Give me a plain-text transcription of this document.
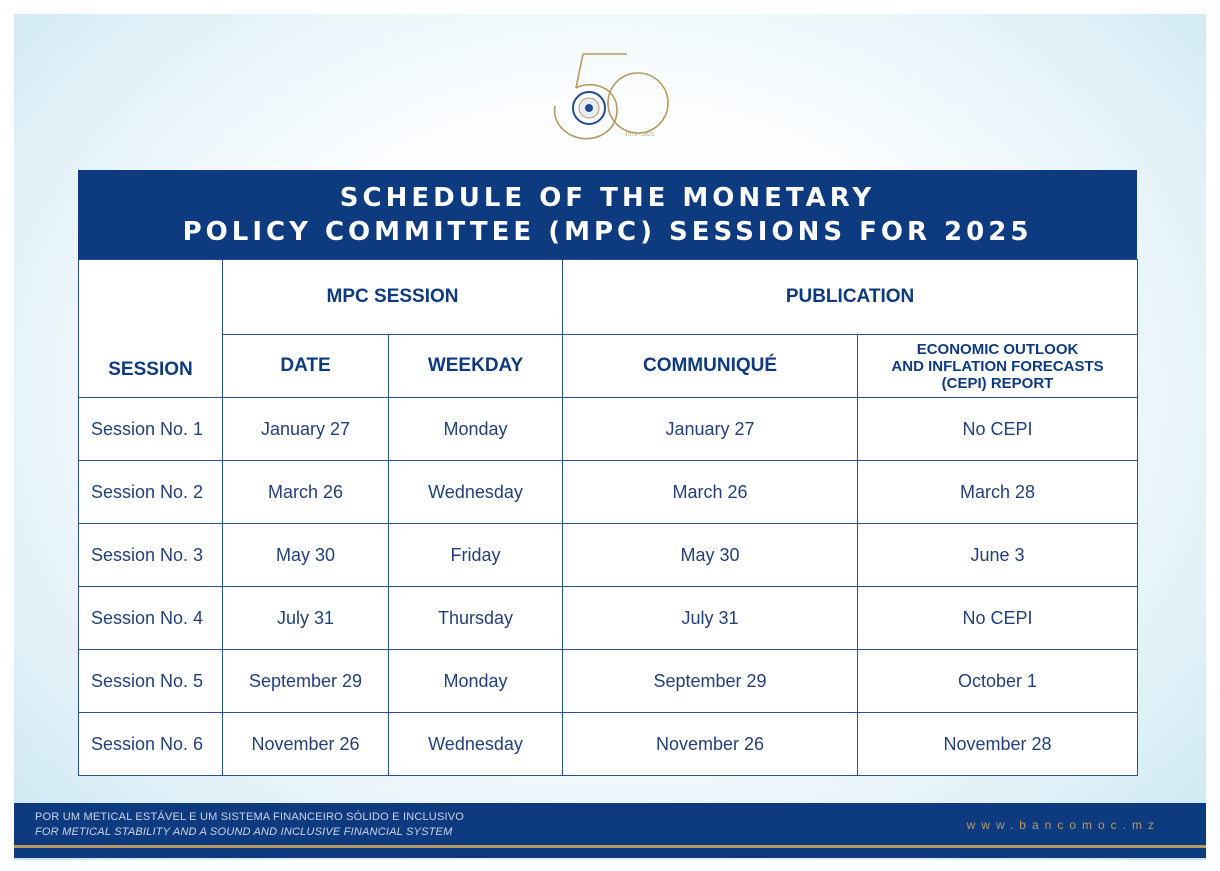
1975 - 2025
SCHEDULE OF THE MONETARY
POLICY COMMITTEE (MPC) SESSIONS FOR 2025
SESSION	MPC SESSION		PUBLICATION	
	DATE	WEEKDAY	COMMUNIQUÉ	ECONOMIC OUTLOOK
AND INFLATION FORECASTS
(CEPI) REPORT

Session No. 1	January 27	Monday	January 27	No CEPI
Session No. 2	March 26	Wednesday	March 26	March 28
Session No. 3	May 30	Friday	May 30	June 3
Session No. 4	July 31	Thursday	July 31	No CEPI
Session No. 5	September 29	Monday	September 29	October 1
Session No. 6	November 26	Wednesday	November 26	November 28
POR UM METICAL ESTÁVEL E UM SISTEMA FINANCEIRO SÓLIDO E INCLUSIVO
FOR METICAL STABILITY AND A SOUND AND INCLUSIVE FINANCIAL SYSTEM	www.bancomoc.mz
